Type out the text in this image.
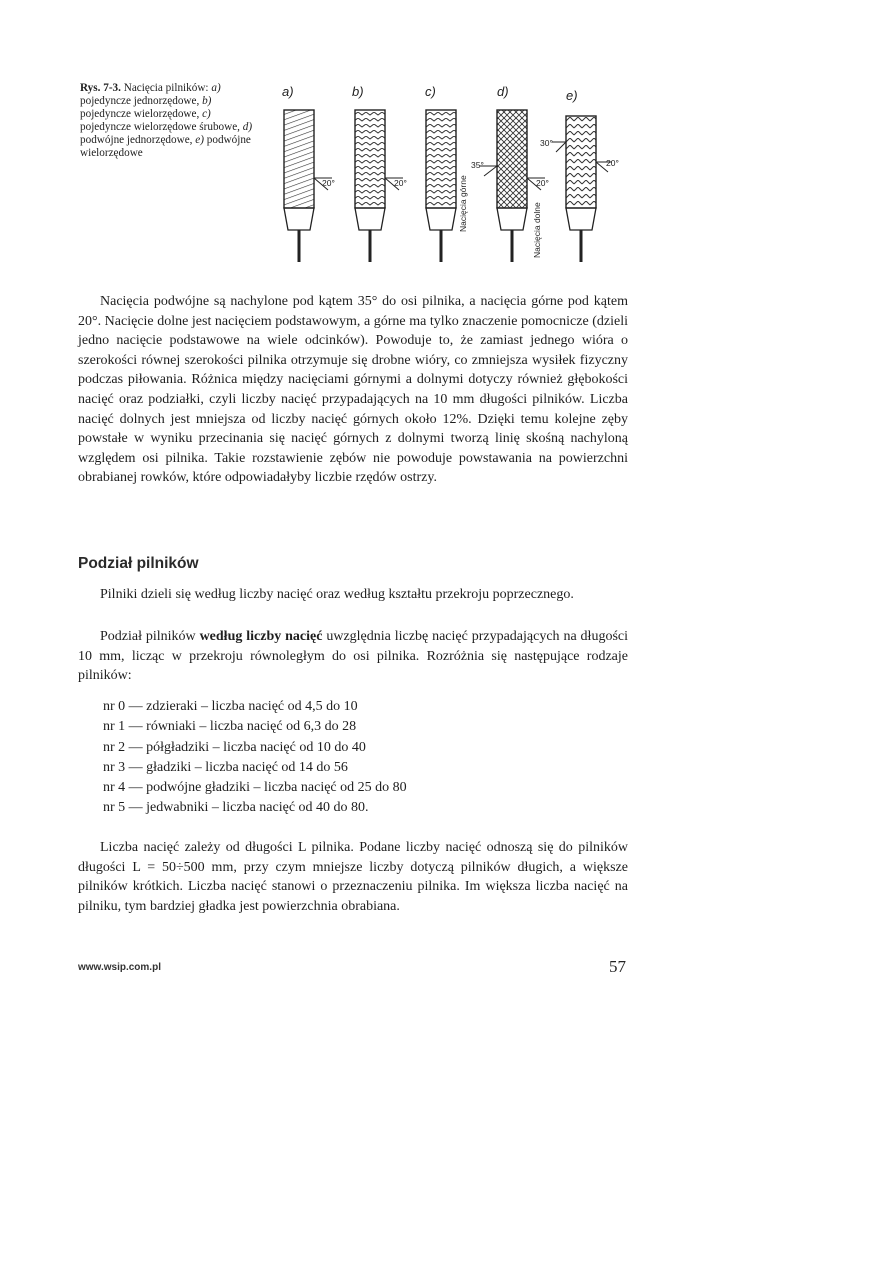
Rys. 7-3. Nacięcia pilników: a) pojedyncze jednorzędowe, b) pojedyncze wielorzędowe, c) pojedyncze wielorzędowe śrubowe, d) podwójne jednorzędowe, e) podwójne wielorzędowe
a)	b)	c)	d)	e)
20°	20°	Nacięcia górne
35°
20°
Nacięcia dolne
30°
20°

Nacięcia podwójne są nachylone pod kątem 35° do osi pilnika, a nacięcia górne pod kątem 20°. Nacięcie dolne jest nacięciem podstawowym, a górne ma tylko znaczenie pomocnicze (dzieli jedno nacięcie podstawowe na wiele odcinków). Powoduje to, że zamiast jednego wióra o szerokości równej szerokości pilnika otrzymuje się drobne wióry, co zmniejsza wysiłek fizyczny podczas piłowania. Różnica między nacięciami górnymi a dolnymi dotyczy również głębokości nacięć oraz podziałki, czyli liczby nacięć przypadających na 10 mm długości pilników. Liczba nacięć dolnych jest mniejsza od liczby nacięć górnych około 12%. Dzięki temu kolejne zęby powstałe w wyniku przecinania się nacięć górnych z dolnymi tworzą linię skośną nachyloną względem osi pilnika. Takie rozstawienie zębów nie powoduje powstawania na powierzchni obrabianej rowków, które odpowiadałyby liczbie rzędów ostrzy.

Podział pilników

Pilniki dzieli się według liczby nacięć oraz według kształtu przekroju poprzecznego.

Podział pilników według liczby nacięć uwzględnia liczbę nacięć przypadających na długości 10 mm, licząc w przekroju równoległym do osi pilnika. Rozróżnia się następujące rodzaje pilników:

nr 0 — zdzieraki – liczba nacięć od 4,5 do 10
nr 1 — równiaki – liczba nacięć od 6,3 do 28
nr 2 — półgładziki – liczba nacięć od 10 do 40
nr 3 — gładziki – liczba nacięć od 14 do 56
nr 4 — podwójne gładziki – liczba nacięć od 25 do 80
nr 5 — jedwabniki – liczba nacięć od 40 do 80.

Liczba nacięć zależy od długości L pilnika. Podane liczby nacięć odnoszą się do pilników długości L = 50÷500 mm, przy czym mniejsze liczby dotyczą pilników długich, a większe pilników krótkich. Liczba nacięć stanowi o przeznaczeniu pilnika. Im większa liczba nacięć na pilniku, tym bardziej gładka jest powierzchnia obrabiana.

www.wsip.com.pl	57
